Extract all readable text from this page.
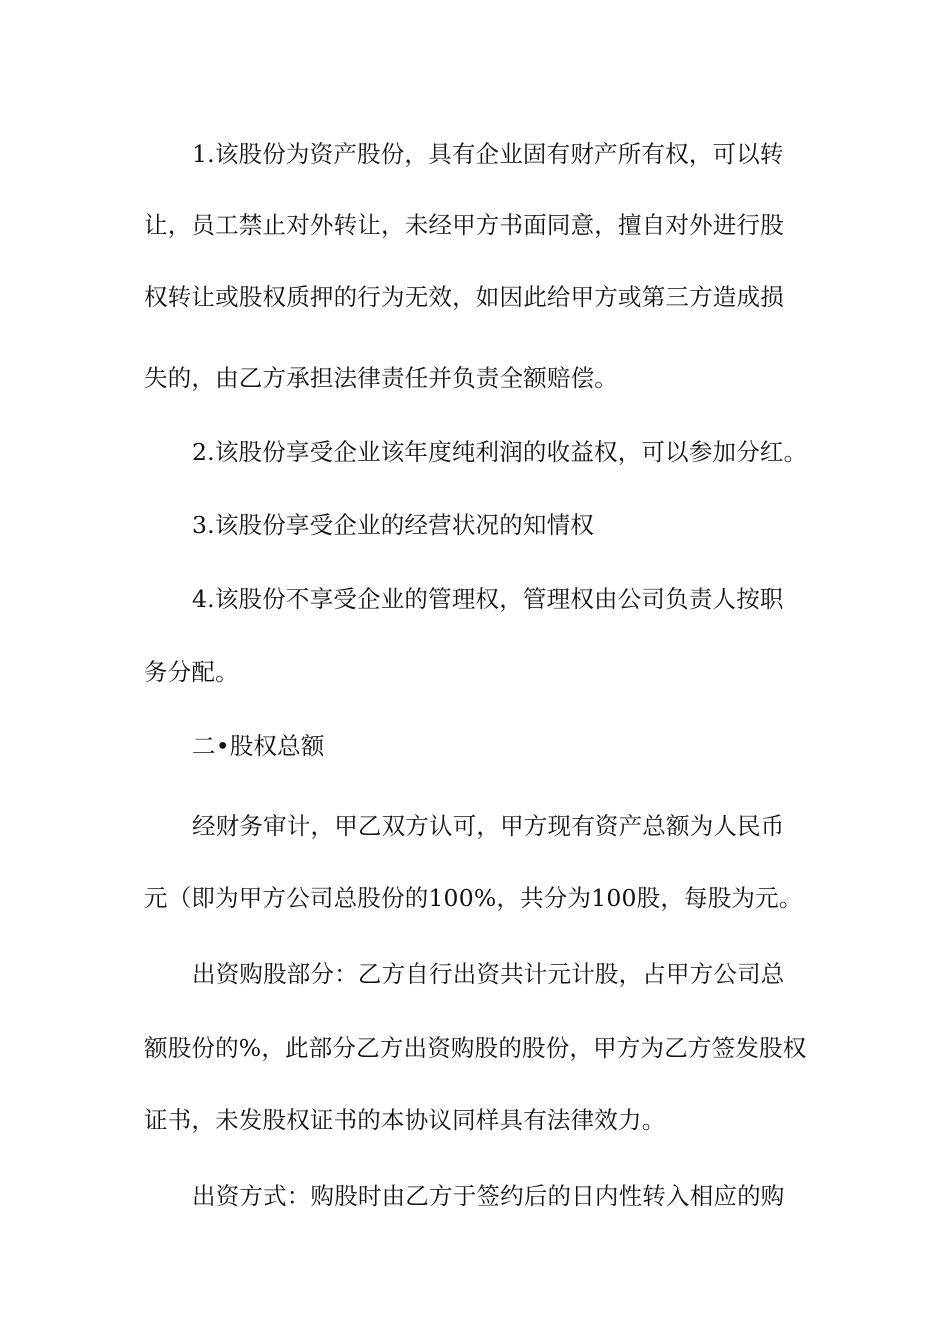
1.该股份为资产股份，具有企业固有财产所有权，可以转
让，员工禁止对外转让，未经甲方书面同意，擅自对外进行股
权转让或股权质押的行为无效，如因此给甲方或第三方造成损
失的，由乙方承担法律责任并负责全额赔偿。
2.该股份享受企业该年度纯利润的收益权，可以参加分红。
3.该股份享受企业的经营状况的知情权
4.该股份不享受企业的管理权，管理权由公司负责人按职
务分配。
二•股权总额
经财务审计，甲乙双方认可，甲方现有资产总额为人民币
元（即为甲方公司总股份的100%，共分为100股，每股为元。
出资购股部分：乙方自行出资共计元计股，占甲方公司总
额股份的%，此部分乙方出资购股的股份，甲方为乙方签发股权
证书，未发股权证书的本协议同样具有法律效力。
出资方式：购股时由乙方于签约后的日内性转入相应的购
